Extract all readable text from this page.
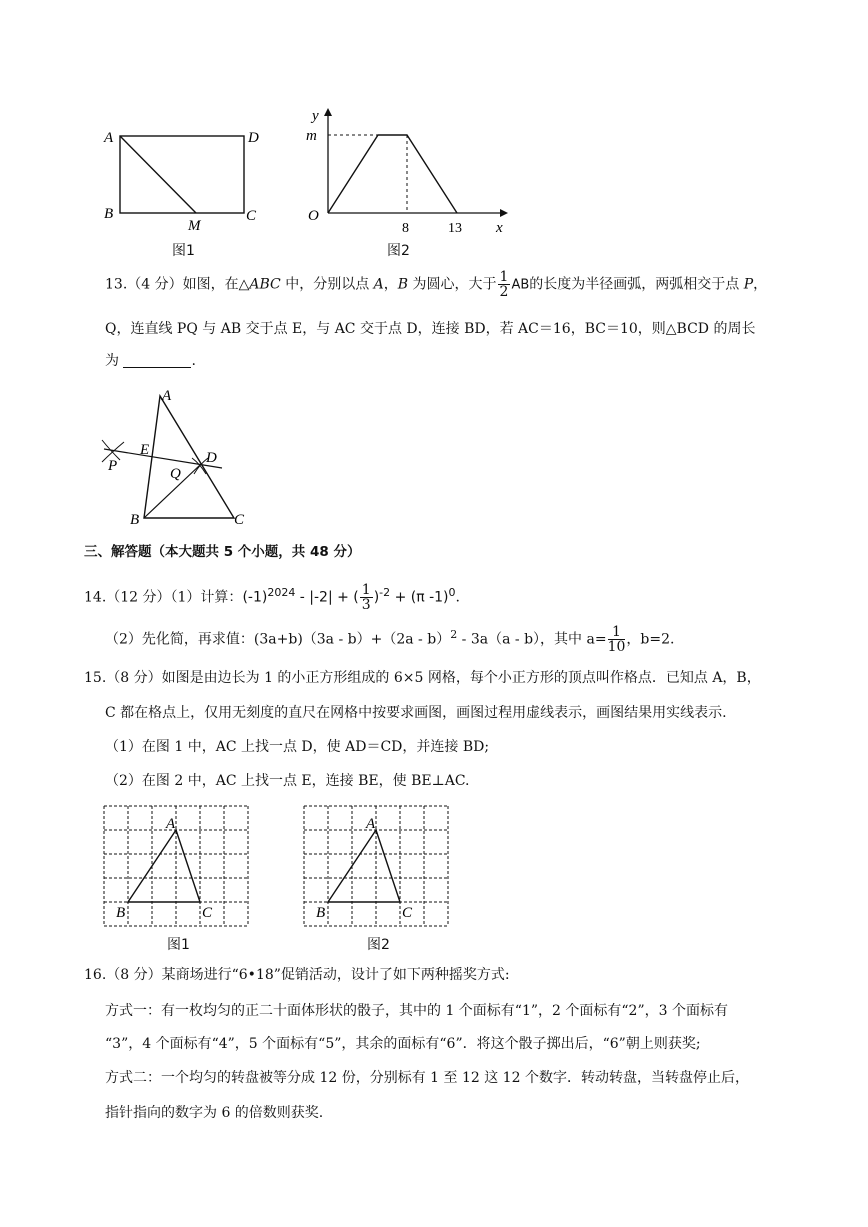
A	D
B
M
C
图1
y
m
O
8	13 x
图2
13.（4 分）如图，在△ABC 中，分别以点 A，B 为圆心，大于 $\frac{1}{2}$ AB的长度为半径画弧，两弧相交于点 P，
Q，连直线 PQ 与 AB 交于点 E，与 AC 交于点 D，连接 BD，若 AC＝16，BC＝10，则△BCD 的周长
为	.
A
E	D
P	Q
B	C
三、解答题（本大题共 5 个小题，共 48 分）
14.（12 分）（1）计算：$(-1)^{2024} - |-2|$ + ( $\frac{1}{3} )^{-2} + (\pi$ -1)$^0$.
（2）先化简，再求值：(3a+b)（3a - b）+（2a - b）$^2$ - 3a（a - b），其中 $a= \frac{1}{10}$ ，b=2.
15.（8 分）如图是由边长为 1 的小正方形组成的 6×5 网格，每个小正方形的顶点叫作格点．已知点 A，B，
C 都在格点上，仅用无刻度的直尺在网格中按要求画图，画图过程用虚线表示，画图结果用实线表示.
（1）在图 1 中，AC 上找一点 D，使 AD＝CD，并连接 BD;
（2）在图 2 中，AC 上找一点 E，连接 BE，使 BE⊥AC.
A
B	C
图1
A
B	C
图2
16.（8 分）某商场进行“6•18”促销活动，设计了如下两种摇奖方式:
方式一：有一枚均匀的正二十面体形状的骰子，其中的 1 个面标有“1”，2 个面标有“2”，3 个面标有
“3”，4 个面标有“4”，5 个面标有“5”，其余的面标有“6”．将这个骰子掷出后，“6”朝上则获奖;
方式二：一个均匀的转盘被等分成 12 份，分别标有 1 至 12 这 12 个数字．转动转盘，当转盘停止后，
指针指向的数字为 6 的倍数则获奖.
